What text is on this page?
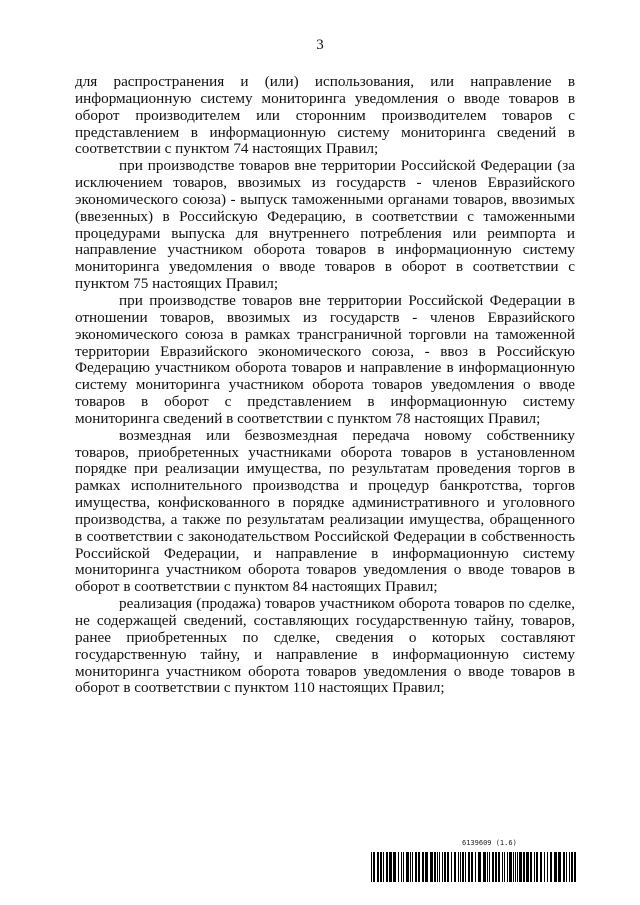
3

для распространения и (или) использования, или направление в информационную систему мониторинга уведомления о вводе товаров в оборот производителем или сторонним производителем товаров с представлением в информационную систему мониторинга сведений в соответствии с пунктом 74 настоящих Правил;

при производстве товаров вне территории Российской Федерации (за исключением товаров, ввозимых из государств - членов Евразийского экономического союза) - выпуск таможенными органами товаров, ввозимых (ввезенных) в Российскую Федерацию, в соответствии с таможенными процедурами выпуска для внутреннего потребления или реимпорта и направление участником оборота товаров в информационную систему мониторинга уведомления о вводе товаров в оборот в соответствии с пунктом 75 настоящих Правил;

при производстве товаров вне территории Российской Федерации в отношении товаров, ввозимых из государств - членов Евразийского экономического союза в рамках трансграничной торговли на таможенной территории Евразийского экономического союза, - ввоз в Российскую Федерацию участником оборота товаров и направление в информационную систему мониторинга участником оборота товаров уведомления о вводе товаров в оборот с представлением в информационную систему мониторинга сведений в соответствии с пунктом 78 настоящих Правил;

возмездная или безвозмездная передача новому собственнику товаров, приобретенных участниками оборота товаров в установленном порядке при реализации имущества, по результатам проведения торгов в рамках исполнительного производства и процедур банкротства, торгов имущества, конфискованного в порядке административного и уголовного производства, а также по результатам реализации имущества, обращенного в соответствии с законодательством Российской Федерации в собственность Российской Федерации, и направление в информационную систему мониторинга участником оборота товаров уведомления о вводе товаров в оборот в соответствии с пунктом 84 настоящих Правил;

реализация (продажа) товаров участником оборота товаров по сделке, не содержащей сведений, составляющих государственную тайну, товаров, ранее приобретенных по сделке, сведения о которых составляют государственную тайну, и направление в информационную систему мониторинга участником оборота товаров уведомления о вводе товаров в оборот в соответствии с пунктом 110 настоящих Правил;

6139609 (1.6)
